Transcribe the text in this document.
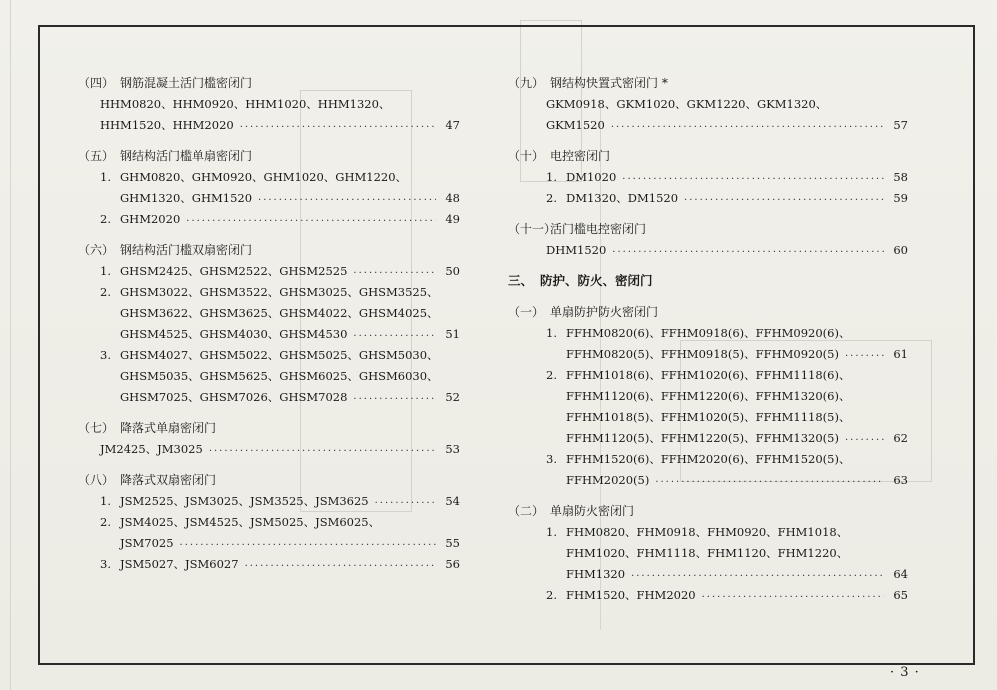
（四） 钢筋混凝土活门槛密闭门
HHM0820、HHM0920、HHM1020、HHM1320、
HHM1520、HHM2020 ·····	47
（五） 钢结构活门槛单扇密闭门
1. GHM0820、GHM0920、GHM1020、GHM1220、
GHM1320、GHM1520 ·····	48
2. GHM2020 ·····	49
（六） 钢结构活门槛双扇密闭门
1. GHSM2425、GHSM2522、GHSM2525 ·····	50
2. GHSM3022、GHSM3522、GHSM3025、GHSM3525、
GHSM3622、GHSM3625、GHSM4022、GHSM4025、
GHSM4525、GHSM4030、GHSM4530 ·····	51
3. GHSM4027、GHSM5022、GHSM5025、GHSM5030、
GHSM5035、GHSM5625、GHSM6025、GHSM6030、
GHSM7025、GHSM7026、GHSM7028 ·····	52
（七） 降落式单扇密闭门
JM2425、JM3025 ·····	53
（八） 降落式双扇密闭门
1. JSM2525、JSM3025、JSM3525、JSM3625 ·····	54
2. JSM4025、JSM4525、JSM5025、JSM6025、
JSM7025 ·····	55
3. JSM5027、JSM6027 ·····	56
（九） 钢结构快置式密闭门 *
GKM0918、GKM1020、GKM1220、GKM1320、
GKM1520 ·····	57
（十） 电控密闭门
1. DM1020 ·····	58
2. DM1320、DM1520 ·····	59
（十一）活门槛电控密闭门
DHM1520 ·····	60
三、 防护、防火、密闭门
（一） 单扇防护防火密闭门
1. FFHM0820(6)、FFHM0918(6)、FFHM0920(6)、
FFHM0820(5)、FFHM0918(5)、FFHM0920(5) ·····	61
2. FFHM1018(6)、FFHM1020(6)、FFHM1118(6)、
FFHM1120(6)、FFHM1220(6)、FFHM1320(6)、
FFHM1018(5)、FFHM1020(5)、FFHM1118(5)、
FFHM1120(5)、FFHM1220(5)、FFHM1320(5) ·····	62
3. FFHM1520(6)、FFHM2020(6)、FFHM1520(5)、
FFHM2020(5) ·····	63
（二） 单扇防火密闭门
1. FHM0820、FHM0918、FHM0920、FHM1018、
FHM1020、FHM1118、FHM1120、FHM1220、
FHM1320 ·····	64
2. FHM1520、FHM2020 ·····	65
· 3 ·
